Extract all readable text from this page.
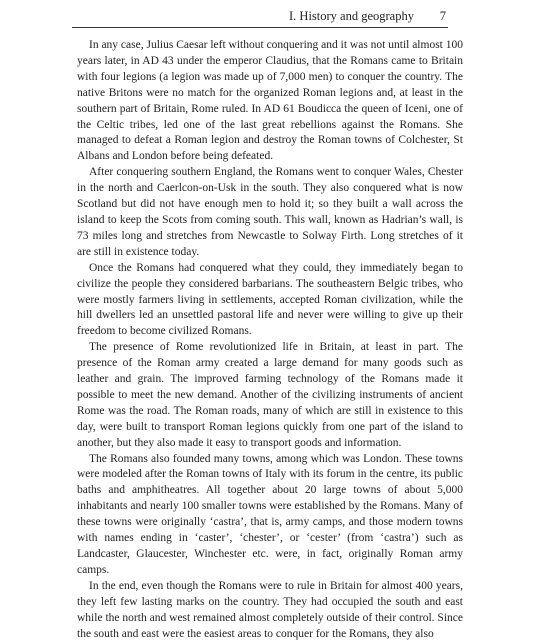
I. History and geography 7

In any case, Julius Caesar left without conquering and it was not until almost 100 years later, in AD 43 under the emperor Claudius, that the Romans came to Britain with four legions (a legion was made up of 7,000 men) to conquer the country. The native Britons were no match for the organized Roman legions and, at least in the southern part of Britain, Rome ruled. In AD 61 Boudicca the queen of Iceni, one of the Celtic tribes, led one of the last great rebellions against the Romans. She managed to defeat a Roman legion and destroy the Roman towns of Colchester, St Albans and London before being defeated.

After conquering southern England, the Romans went to conquer Wales, Chester in the north and Caerlcon-on-Usk in the south. They also conquered what is now Scotland but did not have enough men to hold it; so they built a wall across the island to keep the Scots from coming south. This wall, known as Hadrian’s wall, is 73 miles long and stretches from Newcastle to Solway Firth. Long stretches of it are still in existence today.

Once the Romans had conquered what they could, they immediately began to civilize the people they considered barbarians. The southeastern Belgic tribes, who were mostly farmers living in settlements, accepted Roman civilization, while the hill dwellers led an unsettled pastoral life and never were willing to give up their freedom to become civilized Romans.

The presence of Rome revolutionized life in Britain, at least in part. The presence of the Roman army created a large demand for many goods such as leather and grain. The improved farming technology of the Romans made it possible to meet the new demand. Another of the civilizing instruments of ancient Rome was the road. The Roman roads, many of which are still in existence to this day, were built to transport Roman legions quickly from one part of the island to another, but they also made it easy to transport goods and information.

The Romans also founded many towns, among which was London. These towns were modeled after the Roman towns of Italy with its forum in the centre, its public baths and amphitheatres. All together about 20 large towns of about 5,000 inhabitants and nearly 100 smaller towns were established by the Romans. Many of these towns were originally ‘castra’, that is, army camps, and those modern towns with names ending in ‘caster’, ‘chester’, or ‘cester’ (from ‘castra’) such as Landcaster, Glaucester, Winchester etc. were, in fact, originally Roman army camps.

In the end, even though the Romans were to rule in Britain for almost 400 years, they left few lasting marks on the country. They had occupied the south and east while the north and west remained almost completely outside of their control. Since the south and east were the easiest areas to conquer for the Romans, they also
